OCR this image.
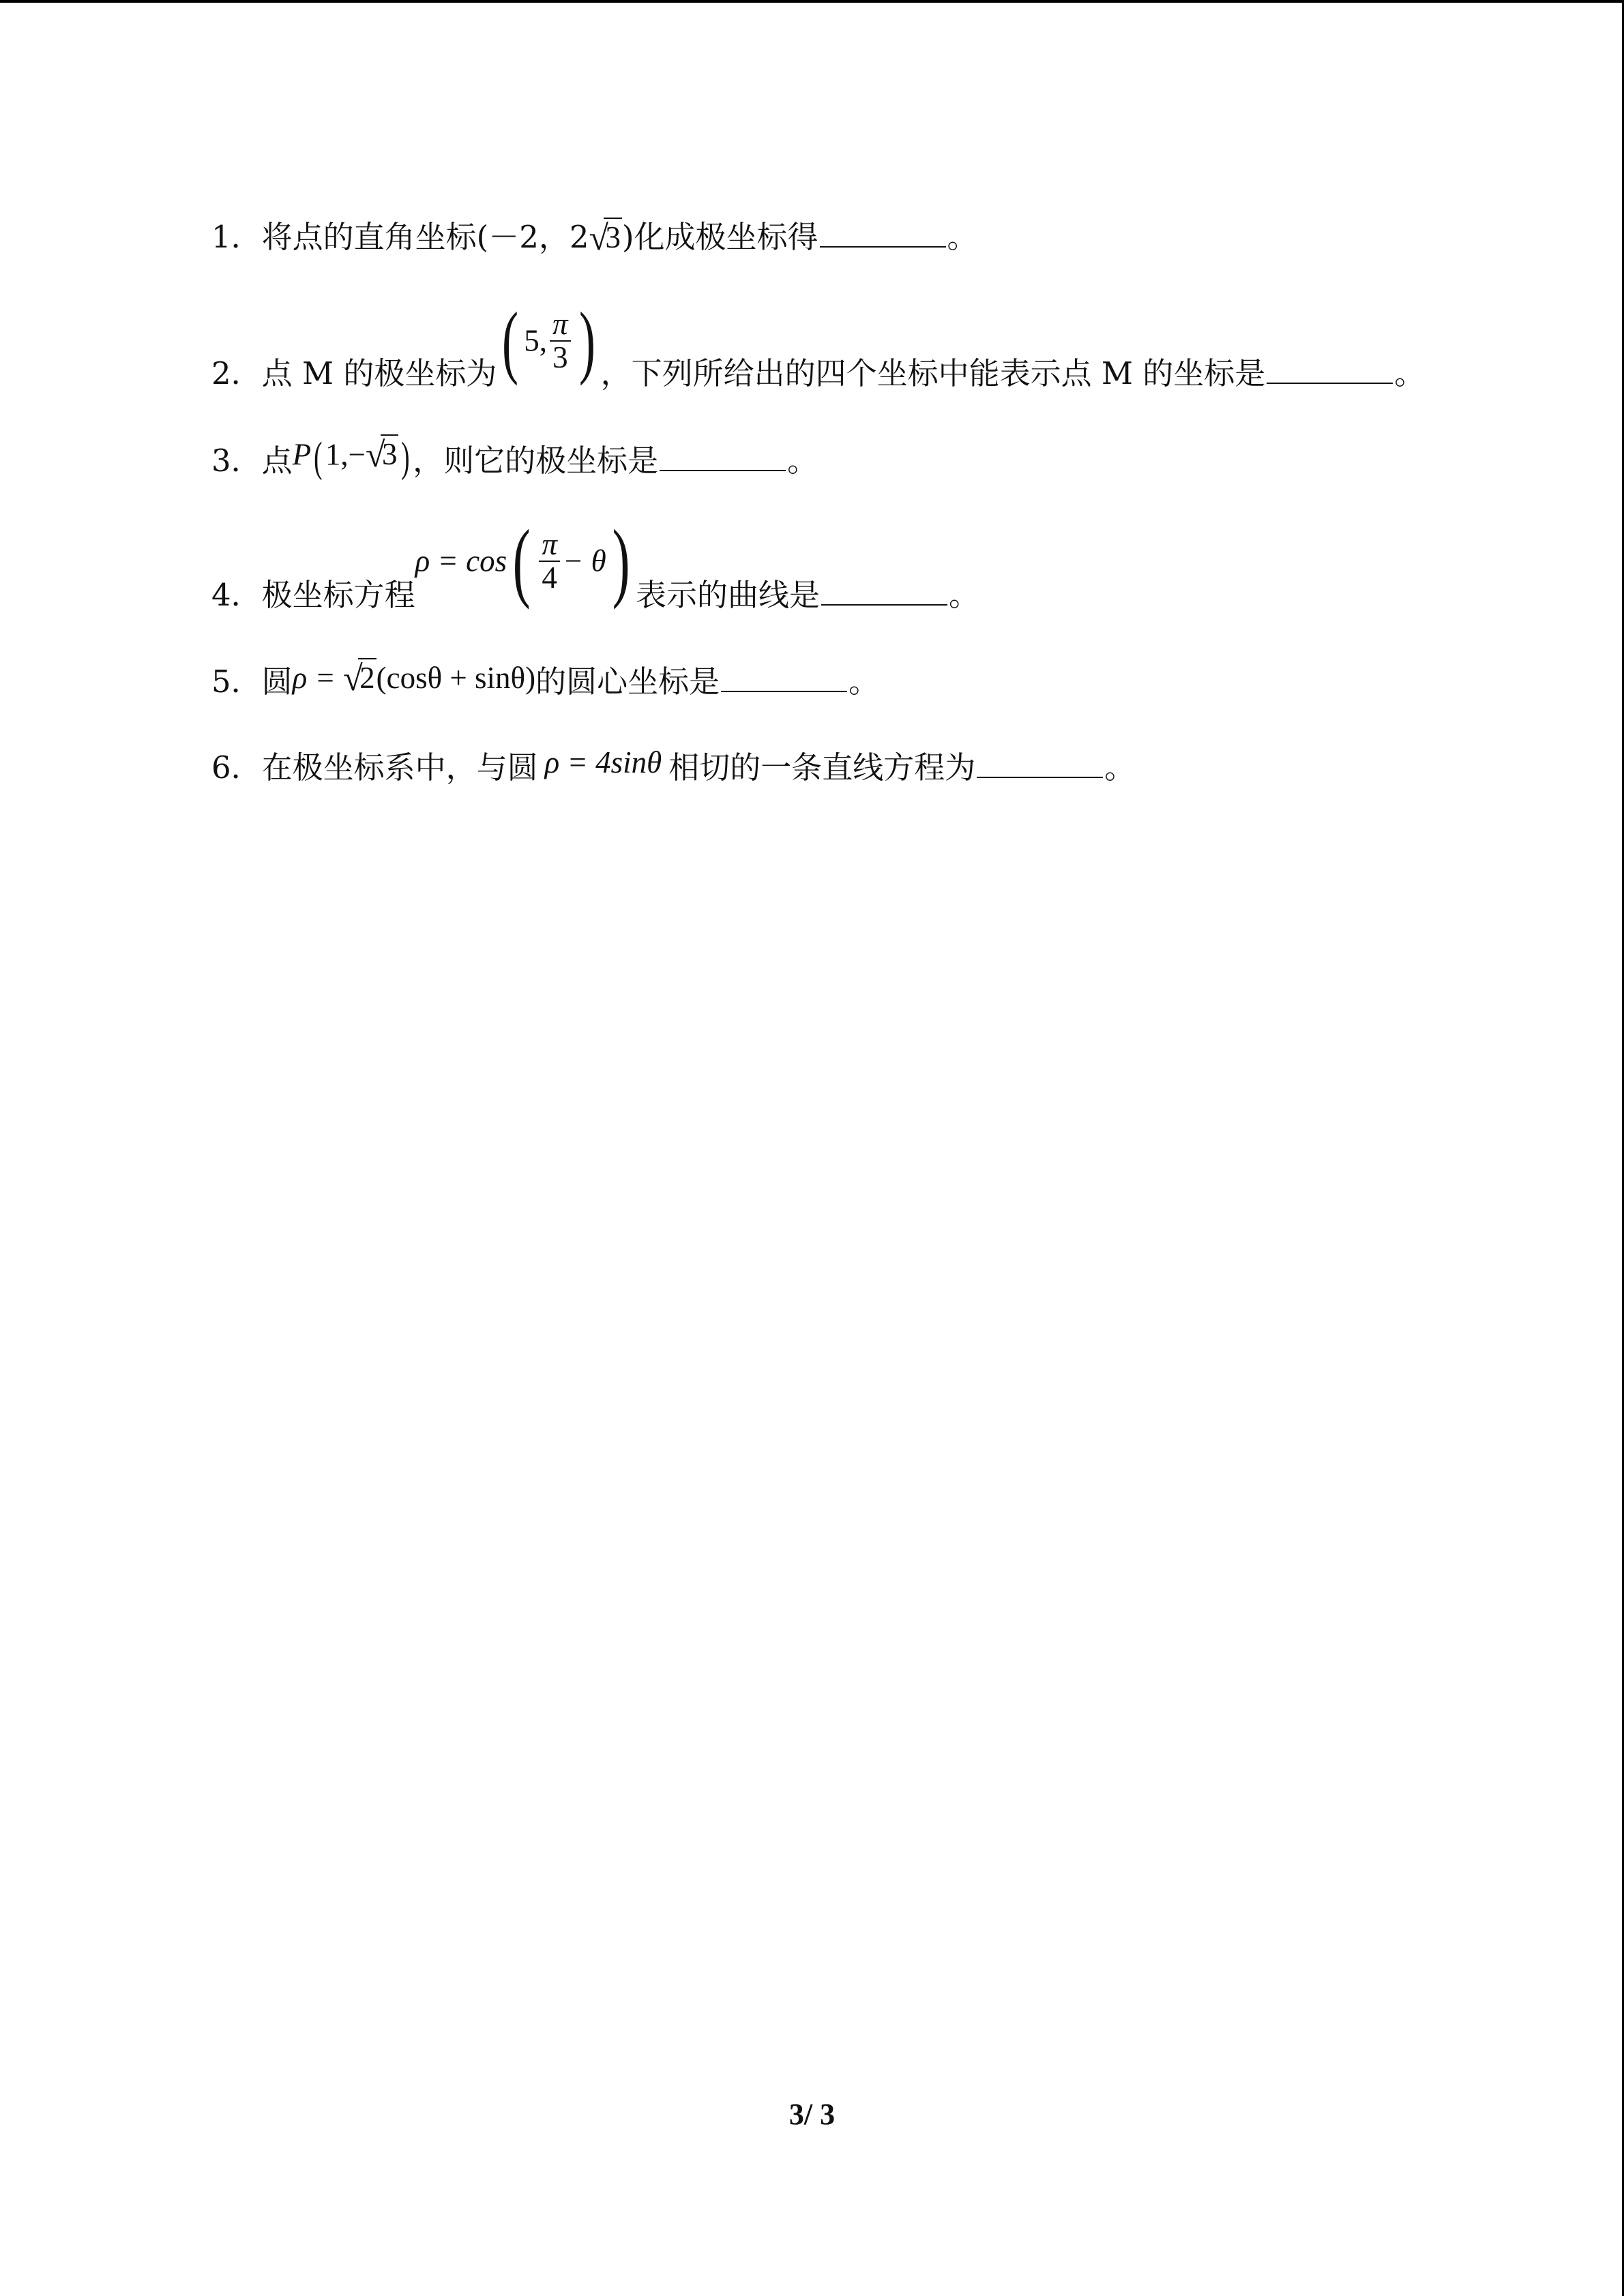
1．将点的直角坐标(－2，2 √
3)化成极坐标得	。
2．点 M 的极坐标为( 5, $\frac{\pi}{3}$ ) ，下列所给出的四个坐标中能表示点 M 的坐标是	。
3．点P(1,− √
3)，则它的极坐标是	。
4．极坐标方程$\rho = \cos( \frac{\pi}{4} - \theta)$ 表示的曲线是	。
5．圆ρ = √
2(cosθ + sinθ)的圆心坐标是	。
6．在极坐标系中，与圆 ρ = 4sinθ 相切的一条直线方程为	。
3/ 3
